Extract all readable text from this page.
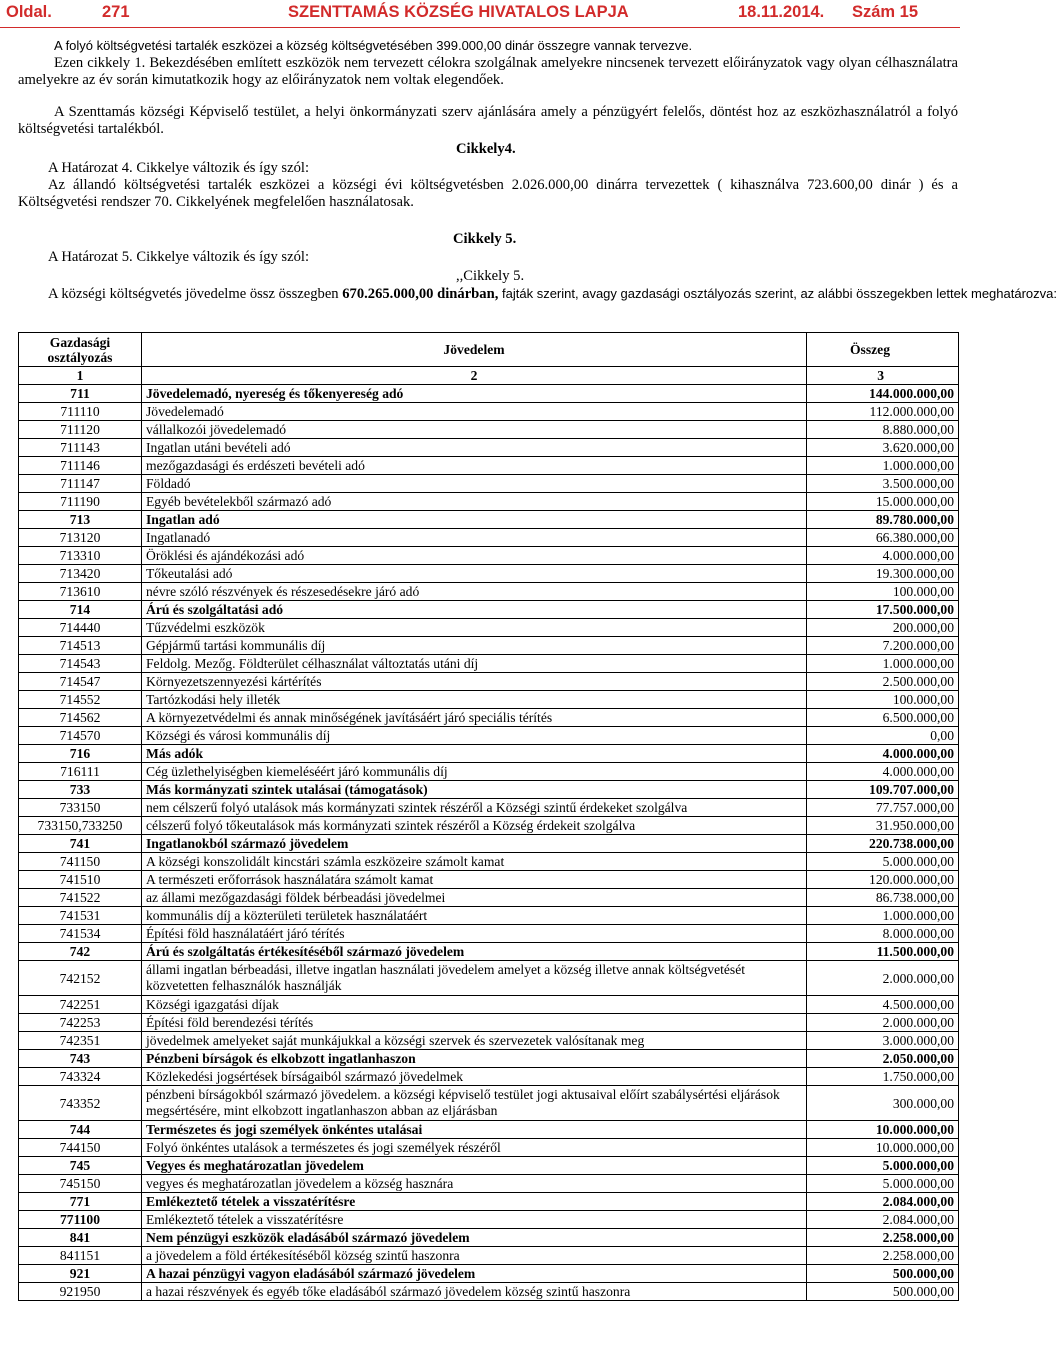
Oldal.	271	SZENTTAMÁS KÖZSÉG HIVATALOS LAPJA	18.11.2014. Szám 15
A folyó költségvetési tartalék eszközei a község költségvetésében 399.000,00 dinár összegre vannak tervezve.
Ezen cikkely 1. Bekezdésében említett eszközök nem tervezett célokra szolgálnak amelyekre nincsenek tervezett előirányzatok vagy olyan célhasználatra amelyekre az év során kimutatkozik hogy az előirányzatok nem voltak elegendőek.
A Szenttamás községi Képviselő testület, a helyi önkormányzati szerv ajánlására amely a pénzügyért felelős, döntést hoz az eszközhasználatról a folyó költségvetési tartalékból.
Cikkely4.
A Határozat 4. Cikkelye változik és így szól:
Az állandó költségvetési tartalék eszközei a községi évi költségvetésben 2.026.000,00 dinárra tervezettek ( kihasználva 723.600,00 dinár ) és a Költségvetési rendszer 70. Cikkelyének megfelelően használatosak.
Cikkely 5.
A Határozat 5. Cikkelye változik és így szól:
,,Cikkely 5.
A községi költségvetés jövedelme össz összegben 670.265.000,00 dinárban, fajták szerint, avagy gazdasági osztályozás szerint, az alábbi összegekben lettek meghatározva:
Gazdasági osztályozás	Jövedelem	Összeg
1	2	3
711	Jövedelemadó, nyereség és tőkenyereség adó	144.000.000,00
711110	Jövedelemadó	112.000.000,00
711120	vállalkozói jövedelemadó	8.880.000,00
711143	Ingatlan utáni bevételi adó	3.620.000,00
711146	mezőgazdasági és erdészeti bevételi adó	1.000.000,00
711147	Földadó	3.500.000,00
711190	Egyéb bevételekből származó adó	15.000.000,00
713	Ingatlan adó	89.780.000,00
713120	Ingatlanadó	66.380.000,00
713310	Öröklési és ajándékozási adó	4.000.000,00
713420	Tőkeutalási adó	19.300.000,00
713610	névre szóló részvények és részesedésekre járó adó	100.000,00
714	Árú és szolgáltatási adó	17.500.000,00
714440	Tűzvédelmi eszközök	200.000,00
714513	Gépjármű tartási kommunális díj	7.200.000,00
714543	Feldolg. Mezőg. Földterület célhasználat változtatás utáni díj	1.000.000,00
714547	Környezetszennyezési kártérítés	2.500.000,00
714552	Tartózkodási hely illeték	100.000,00
714562	A környezetvédelmi és annak minőségének javításáért járó speciális térítés	6.500.000,00
714570	Községi és városi kommunális díj	0,00
716	Más adók	4.000.000,00
716111	Cég üzlethelyiségben kiemeléséért járó kommunális díj	4.000.000,00
733	Más kormányzati szintek utalásai (támogatások)	109.707.000,00
733150	nem célszerű folyó utalások más kormányzati szintek részéről a Községi szintű érdekeket szolgálva	77.757.000,00
733150,733250	célszerű folyó tőkeutalások más kormányzati szintek részéről a Község érdekeit szolgálva	31.950.000,00
741	Ingatlanokból származó jövedelem	220.738.000,00
741150	A községi konszolidált kincstári számla eszközeire számolt kamat	5.000.000,00
741510	A természeti erőforrások használatára számolt kamat	120.000.000,00
741522	az állami mezőgazdasági földek bérbeadási jövedelmei	86.738.000,00
741531	kommunális díj a közterületi területek használatáért	1.000.000,00
741534	Építési föld használatáért járó térítés	8.000.000,00
742	Árú és szolgáltatás értékesítéséből származó jövedelem	11.500.000,00
742152	állami ingatlan bérbeadási, illetve ingatlan használati jövedelem amelyet a község illetve annak költségvetését közvetetten felhasználók használják	2.000.000,00
742251	Községi igazgatási díjak	4.500.000,00
742253	Építési föld berendezési térítés	2.000.000,00
742351	jövedelmek amelyeket saját munkájukkal a községi szervek és szervezetek valósítanak meg	3.000.000,00
743	Pénzbeni bírságok és elkobzott ingatlanhaszon	2.050.000,00
743324	Közlekedési jogsértések bírságaiból származó jövedelmek	1.750.000,00
743352	pénzbeni bírságokból származó jövedelem. a községi képviselő testület jogi aktusaival előírt szabálysértési eljárások megsértésére, mint elkobzott ingatlanhaszon abban az eljárásban	300.000,00
744	Természetes és jogi személyek önkéntes utalásai	10.000.000,00
744150	Folyó önkéntes utalások a természetes és jogi személyek részéről	10.000.000,00
745	Vegyes és meghatározatlan jövedelem	5.000.000,00
745150	vegyes és meghatározatlan jövedelem a község hasznára	5.000.000,00
771	Emlékeztető tételek a visszatérítésre	2.084.000,00
771100	Emlékeztető tételek a visszatérítésre	2.084.000,00
841	Nem pénzügyi eszközök eladásából származó jövedelem	2.258.000,00
841151	a jövedelem a föld értékesítéséből község szintű haszonra	2.258.000,00
921	A hazai pénzügyi vagyon eladásából származó jövedelem	500.000,00
921950	a hazai részvények és egyéb tőke eladásából származó jövedelem község szintű haszonra	500.000,00
